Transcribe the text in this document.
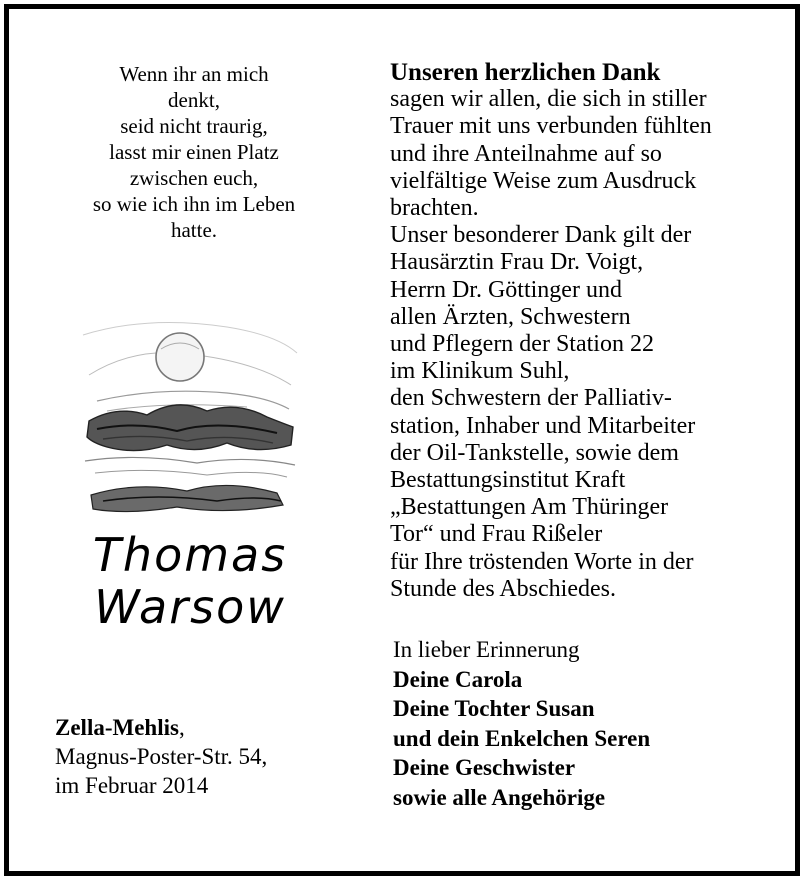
Wenn ihr an mich
denkt,
seid nicht traurig,
lasst mir einen Platz
zwischen euch,
so wie ich ihn im Leben
hatte.
Thomas
Warsow
Zella-Mehlis,
Magnus-Poster-Str. 54,
im Februar 2014
Unseren herzlichen Dank
sagen wir allen, die sich in stiller
Trauer mit uns verbunden fühlten
und ihre Anteilnahme auf so
vielfältige Weise zum Ausdruck
brachten.
Unser besonderer Dank gilt der
Hausärztin Frau Dr. Voigt,
Herrn Dr. Göttinger und
allen Ärzten, Schwestern
und Pflegern der Station 22
im Klinikum Suhl,
den Schwestern der Palliativ-
station, Inhaber und Mitarbeiter
der Oil-Tankstelle, sowie dem
Bestattungsinstitut Kraft
„Bestattungen Am Thüringer
Tor“ und Frau Rißeler
für Ihre tröstenden Worte in der
Stunde des Abschiedes.
In lieber Erinnerung
Deine Carola
Deine Tochter Susan
und dein Enkelchen Seren
Deine Geschwister
sowie alle Angehörige
